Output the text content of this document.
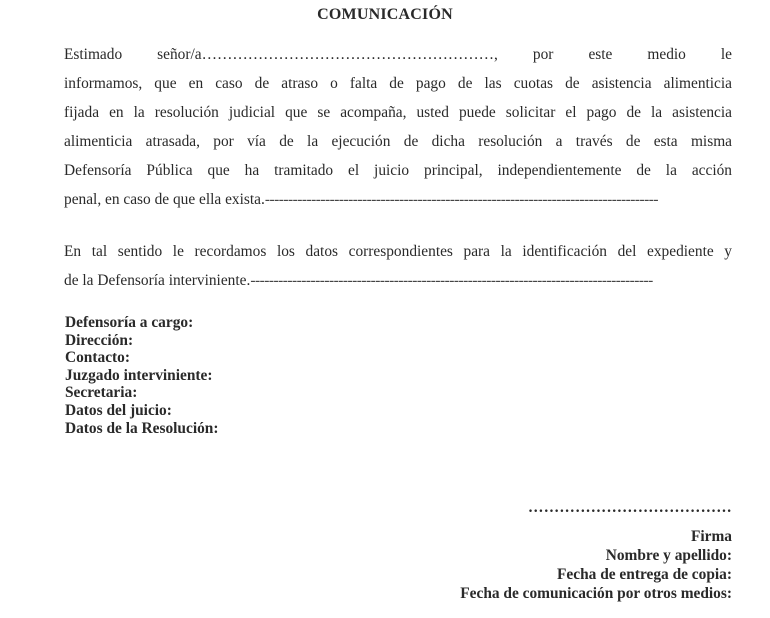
COMUNICACIÓN
Estimado señor/a…………………………………………………, por este medio le
informamos, que en caso de atraso o falta de pago de las cuotas de asistencia alimenticia
fijada en la resolución judicial que se acompaña, usted puede solicitar el pago de la asistencia
alimenticia atrasada, por vía de la ejecución de dicha resolución a través de esta misma
Defensoría Pública que ha tramitado el juicio principal, independientemente de la acción
penal, en caso de que ella exista.-------------------------------------------------------------------------------------
En tal sentido le recordamos los datos correspondientes para la identificación del expediente y
de la Defensoría interviniente.---------------------------------------------------------------------------------------
Defensoría a cargo:
Dirección:
Contacto:
Juzgado interviniente:
Secretaria:
Datos del juicio:
Datos de la Resolución:
…………………………………
Firma
Nombre y apellido:
Fecha de entrega de copia:
Fecha de comunicación por otros medios:
